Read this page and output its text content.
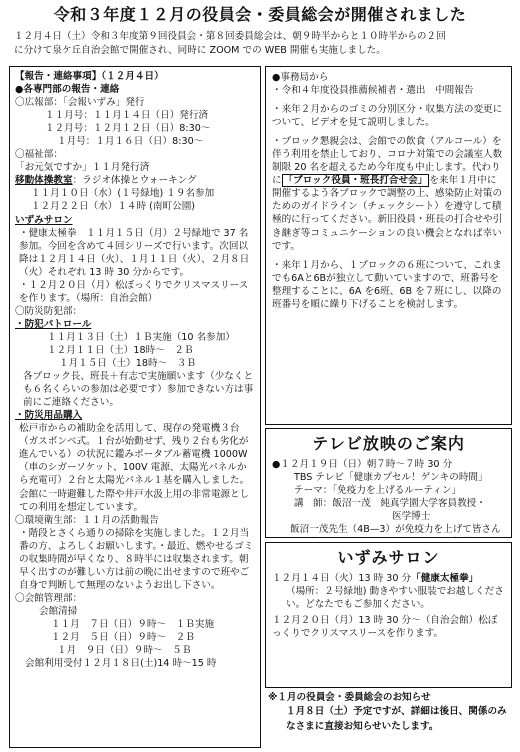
令和３年度１２月の役員会・委員総会が開催されました
１２月４日（土）令和３年度第９回役員会・第８回委員総会は、朝９時半からと１０時半からの２回
に分けて泉ケ丘自治会館で開催され、同時に ZOOM での WEB 開催も実施しました。
【報告・連絡事項】（１２月４日）
●各専門部の報告・連絡
〇広報部：「会報いずみ」発行
１１月号：１１月１４日（日）発行済
１２月号：１２月１２日（日）8:30～
１月号：１月１６日（日）8:30～
〇福祉部：
「お元気ですか」１１月発行済
移動体操教室：ラジオ体操とウォーキング
１１月１０日（水）(１号緑地) １９名参加
１２月２２日（水）１４時 (南町公園)
いずみサロン
・健康太極拳　１１月１５日（月）２号緑地で 37 名参加。今回を含めて４回シリーズで行います。次回以降は１２月１４日（火）、１月１１日（火）、２月８日（火）それぞれ 13 時 30 分からです。
・１２月２０日（月）松ぼっくりでクリスマスリースを作ります。（場所：自治会館）
〇防災防犯部：
・防犯パトロール
１１月１３日（土）１Ｂ実施（10 名参加）
１２月１１日（土）18時～　２Ｂ
１月１５日（土）18時～　３Ｂ
各ブロック長、班長＋有志で実施願います（少なくとも６名くらいの参加は必要です）参加できない方は事前にご連絡ください。
・防災用品購入
松戸市からの補助金を活用して、現存の発電機３台（ガスボンベ式。１台が始動せず、残り２台も劣化が進んでいる）の状況に鑑みポータブル蓄電機 1000W（車のシガーソケット、100V 電源、太陽光パネルから充電可）２台と太陽光パネル１基を購入しました。会館に一時避難した際や井戸水汲上用の非常電源としての利用を想定しています。
〇環境衛生部：１１月の活動報告
・階段とさくら通りの掃除を実施しました。１２月当番の方、よろしくお願いします。・最近、燃やせるゴミの収集時間が早くなり、８時半には収集されます。朝早く出すのが難しい方は前の晩に出せますので班やご自身で判断して無理のないようお出し下さい。
〇会館管理部：
会館清掃
１１月　７日（日）９時～　１Ｂ実施
１２月　５日（日）９時～　２Ｂ
１月　９日（日）９時～　５Ｂ
会館利用受付１２月１８日(土)14 時～15 時
●事務局から
・令和４年度役員推薦候補者・選出　中間報告
・来年２月からのゴミの分別区分・収集方法の変更について、ビデオを見て説明しました。
・ブロック懇親会は、会館での飲食（アルコール）を伴う利用を禁止しており、コロナ対策での会議室人数制限 20 名を超えるため今年度も中止します。代わりに 「ブロック役員・班長打合せ会」 を来年１月中に開催するよう各ブロックで調整の上、感染防止対策のためのガイドライン（チェックシート）を遵守して積極的に行ってください。新旧役員・班長の打合せや引き継ぎ等コミュニケーションの良い機会となれば幸いです。
・来年１月から、１ブロックの６班について、これまでも6Aと6Bが独立して動いていますので、班番号を整理することに、6A を6班、6B を７班にし、以降の班番号を順に繰り下げることを検討します。
テレビ放映のご案内
●１２月１９日（日）朝７時～７時 30 分
TBS テレビ「健康カプセル！ゲンキの時間」
テーマ：「免疫力を上げるルーティン」
講　師：飯沼一茂　純真学園大学客員教授・
医学博士
飯沼一茂先生（4B—3）が免疫力を上げて皆さん
いずみサロン
１２月１４日（火）13 時 30 分「健康太極拳」
（場所：２号緑地) 動きやすい服装でお越しください。どなたでもご参加ください。
１２月２０日（月）13 時 30 分～（自治会館）松ぼっくりでクリスマスリースを作ります。
※１月の役員会・委員総会のお知らせ
１月８日（土）予定ですが、詳細は後日、関係のみなさまに直接お知らせいたします。
